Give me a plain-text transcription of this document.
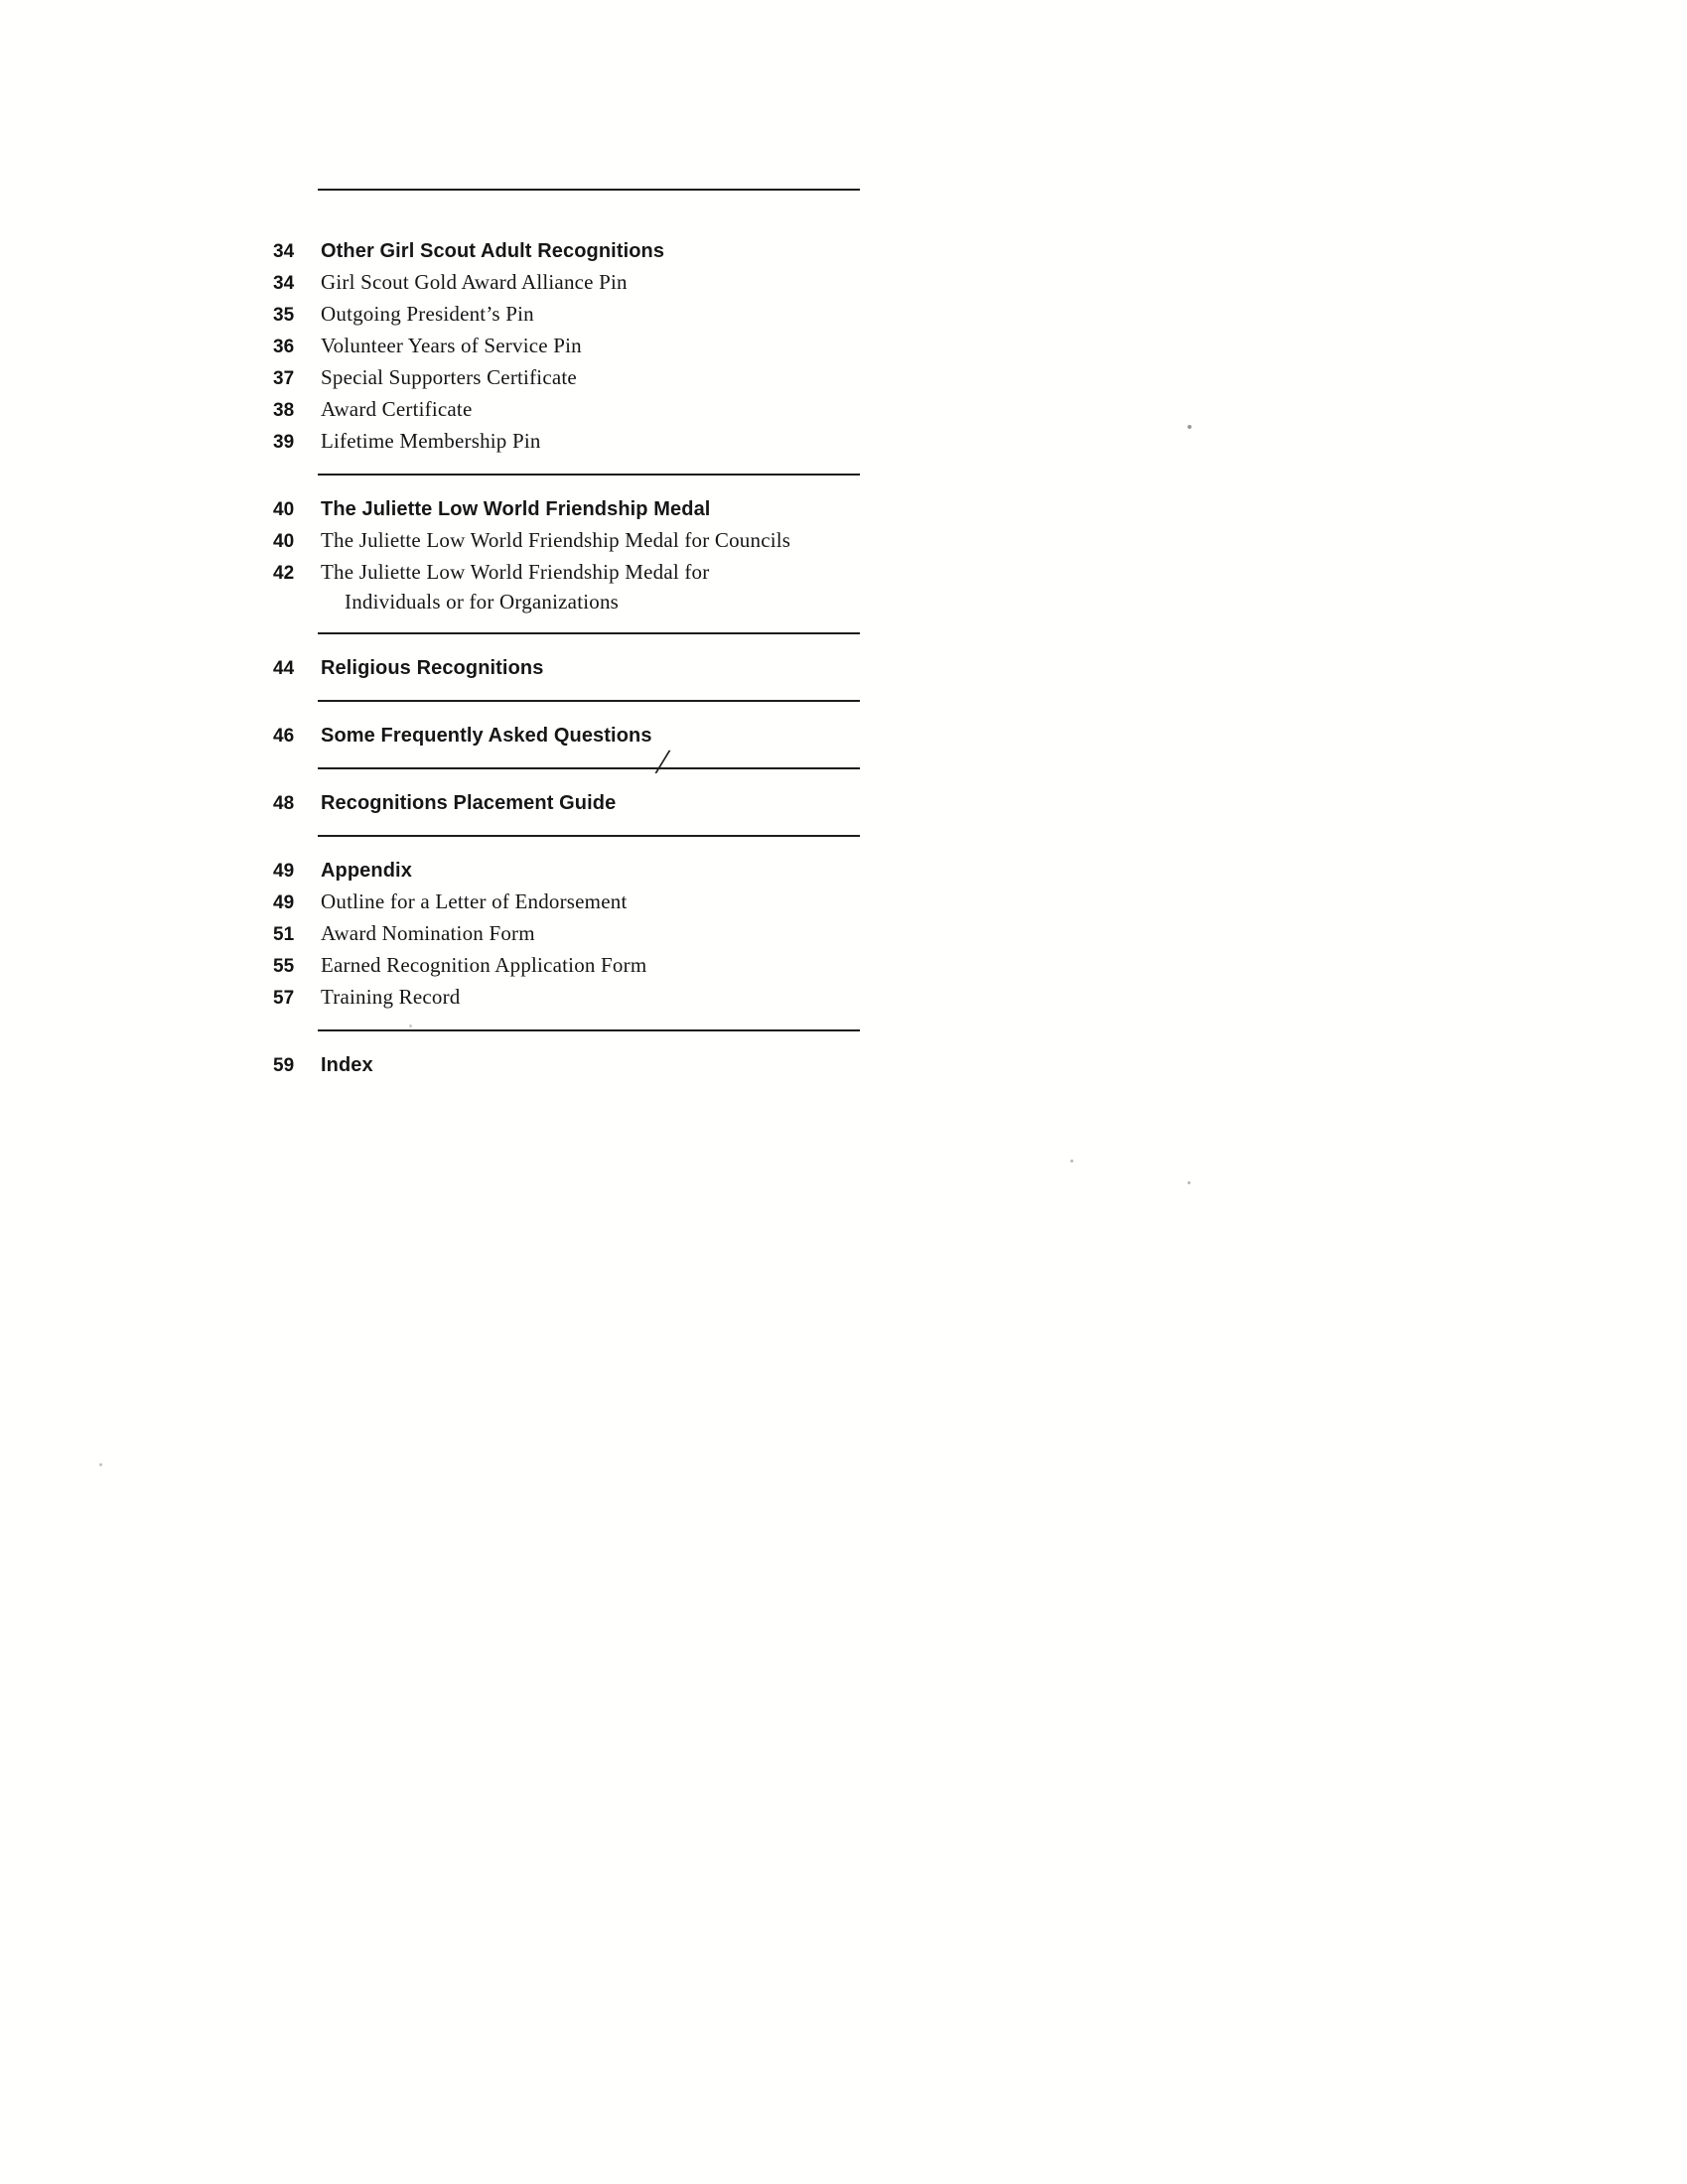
34	Other Girl Scout Adult Recognitions
34	Girl Scout Gold Award Alliance Pin
35	Outgoing President’s Pin
36	Volunteer Years of Service Pin
37	Special Supporters Certificate
38	Award Certificate
39	Lifetime Membership Pin
40	The Juliette Low World Friendship Medal
40	The Juliette Low World Friendship Medal for Councils
42	The Juliette Low World Friendship Medal for
Individuals or for Organizations
44	Religious Recognitions
46	Some Frequently Asked Questions
48	Recognitions Placement Guide
49	Appendix
49	Outline for a Letter of Endorsement
51	Award Nomination Form
55	Earned Recognition Application Form
57	Training Record
59	Index
/
